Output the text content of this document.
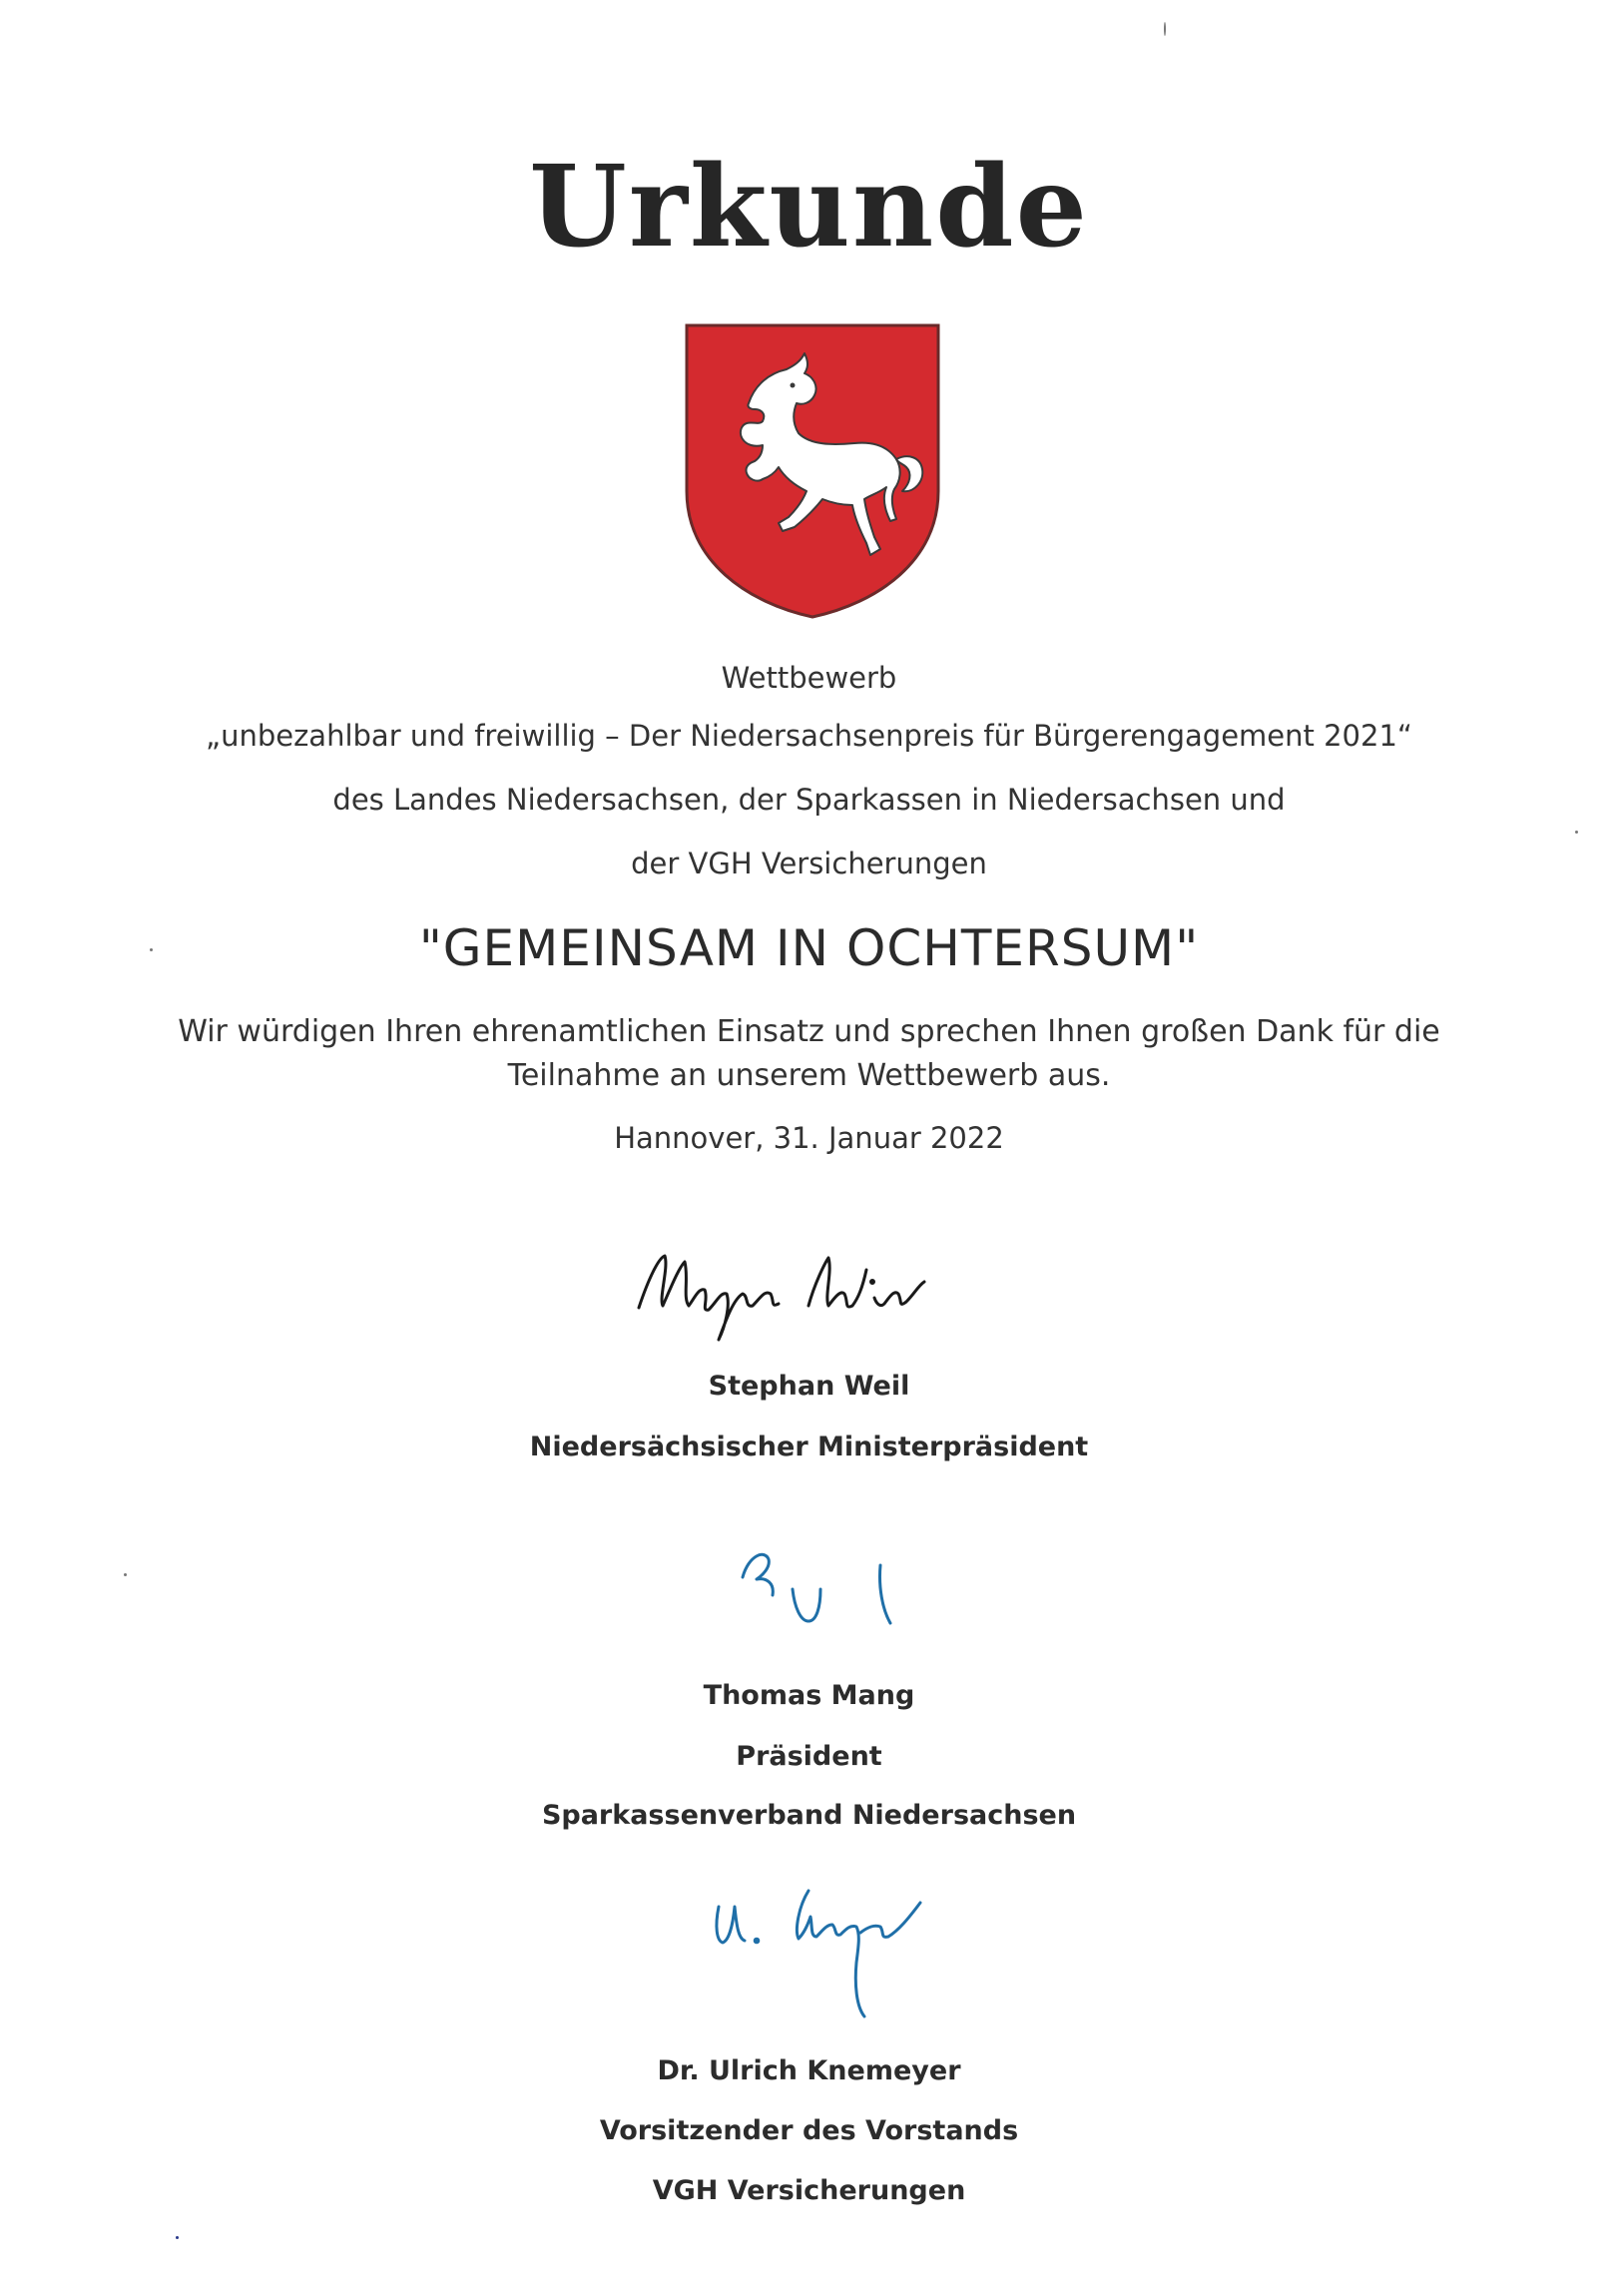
Urkunde
Wettbewerb
„unbezahlbar und freiwillig – Der Niedersachsenpreis für Bürgerengagement 2021“
des Landes Niedersachsen, der Sparkassen in Niedersachsen und
der VGH Versicherungen
"GEMEINSAM IN OCHTERSUM"
Wir würdigen Ihren ehrenamtlichen Einsatz und sprechen Ihnen großen Dank für die
Teilnahme an unserem Wettbewerb aus.
Hannover, 31. Januar 2022
Stephan Weil
Niedersächsischer Ministerpräsident
Thomas Mang
Präsident
Sparkassenverband Niedersachsen
Dr. Ulrich Knemeyer
Vorsitzender des Vorstands
VGH Versicherungen
